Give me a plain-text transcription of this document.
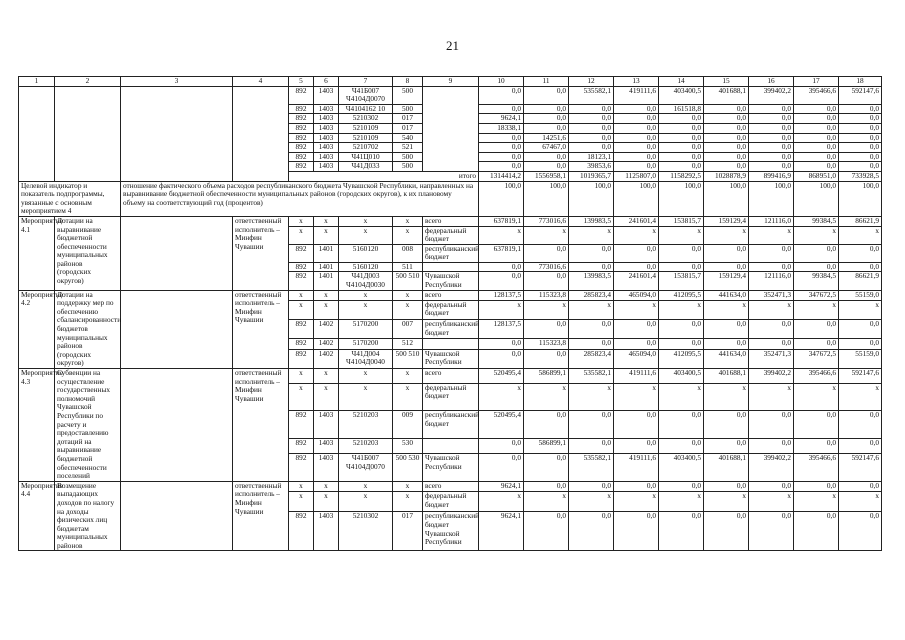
21
1	2	3	4	5	6	7	8	9	10	11	12	13	14	15	16	17	18
				892	1403	Ч41Б007 Ч4104Д0070	500		0,0	0,0	535582,1	419111,6	403400,5	401688,1	399402,2	395466,6	592147,6
				892	1403	Ч4104162 10	500		0,0	0,0	0,0	0,0	161518,8	0,0	0,0	0,0	0,0
				892	1403	5210302	017		9624,1	0,0	0,0	0,0	0,0	0,0	0,0	0,0	0,0
				892	1403	5210109	017		18338,1	0,0	0,0	0,0	0,0	0,0	0,0	0,0	0,0
				892	1403	5210109	540		0,0	14251,6	0,0	0,0	0,0	0,0	0,0	0,0	0,0
				892	1403	5210702	521		0,0	67467,0	0,0	0,0	0,0	0,0	0,0	0,0	0,0
				892	1403	Ч41Ц010	500		0,0	0,0	18123,1	0,0	0,0	0,0	0,0	0,0	0,0
				892	1403	Ч41Д033	500		0,0	0,0	39853,6	0,0	0,0	0,0	0,0	0,0	0,0
				итого					1314414,2	1556958,1	1019365,7	1125807,0	1158292,5	1028878,9	899416,9	868951,0	733928,5
Целевой индикатор и показатель подпрограммы, увязанные с основным мероприятием 4		отношение фактического объема расходов республиканского бюджета Чувашской Республики, направленных на выравнивание бюджетной обеспеченности муниципальных районов (городских округов), к их плановому объему на соответствующий год (процентов)							100,0	100,0	100,0	100,0	100,0	100,0	100,0	100,0	100,0
Мероприятие 4.1	Дотации на выравнивание бюджетной обеспеченности муниципальных районов (городских округов)		ответственный исполнитель – Минфин Чувашии	x	x	x	x	всего	637819,1	773016,6	139983,5	241601,4	153815,7	159129,4	121116,0	99384,5	86621,9
				x	x	x	x	федеральный бюджет	x	x	x	x	x	x	x	x	x
				892	1401	5160120	008	республиканский бюджет	637819,1	0,0	0,0	0,0	0,0	0,0	0,0	0,0	0,0
				892	1401	5160120	511		0,0	773016,6	0,0	0,0	0,0	0,0	0,0	0,0	0,0
				892	1401	Ч41Д003 Ч4104Д0030	500 510	Чувашской Республики	0,0	0,0	139983,5	241601,4	153815,7	159129,4	121116,0	99384,5	86621,9
Мероприятие 4.2	Дотации на поддержку мер по обеспечению сбалансированности бюджетов муниципальных районов (городских округов)		ответственный исполнитель – Минфин Чувашии	x	x	x	x	всего	128137,5	115323,8	285823,4	465094,0	412095,5	441634,0	352471,3	347672,5	55159,0
				x	x	x	x	федеральный бюджет	x	x	x	x	x	x	x	x	x
				892	1402	5170200	007	республиканский бюджет	128137,5	0,0	0,0	0,0	0,0	0,0	0,0	0,0	0,0
				892	1402	5170200	512		0,0	115323,8	0,0	0,0	0,0	0,0	0,0	0,0	0,0
				892	1402	Ч41Д004 Ч4104Д0040	500 510	Чувашской Республики	0,0	0,0	285823,4	465094,0	412095,5	441634,0	352471,3	347672,5	55159,0
Мероприятие 4.3	Субвенции на осуществление государственных полномочий Чувашской Республики по расчету и предоставлению дотаций на выравнивание бюджетной обеспеченности поселений		ответственный исполнитель – Минфин Чувашии	x	x	x	x	всего	520495,4	586899,1	535582,1	419111,6	403400,5	401688,1	399402,2	395466,6	592147,6
				x	x	x	x	федеральный бюджет	x	x	x	x	x	x	x	x	x
				892	1403	5210203	009	республиканский бюджет	520495,4	0,0	0,0	0,0	0,0	0,0	0,0	0,0	0,0
				892	1403	5210203	530		0,0	586899,1	0,0	0,0	0,0	0,0	0,0	0,0	0,0
				892	1403	Ч41Б007 Ч4104Д0070	500 530	Чувашской Республики	0,0	0,0	535582,1	419111,6	403400,5	401688,1	399402,2	395466,6	592147,6
Мероприятие 4.4	Возмещение выпадающих доходов по налогу на доходы физических лиц бюджетам муниципальных районов		ответственный исполнитель – Минфин Чувашии	x	x	x	x	всего	9624,1	0,0	0,0	0,0	0,0	0,0	0,0	0,0	0,0
				x	x	x	x	федеральный бюджет	x	x	x	x	x	x	x	x	x
				892	1403	5210302	017	республиканский бюджет Чувашской Республики	9624,1	0,0	0,0	0,0	0,0	0,0	0,0	0,0	0,0
